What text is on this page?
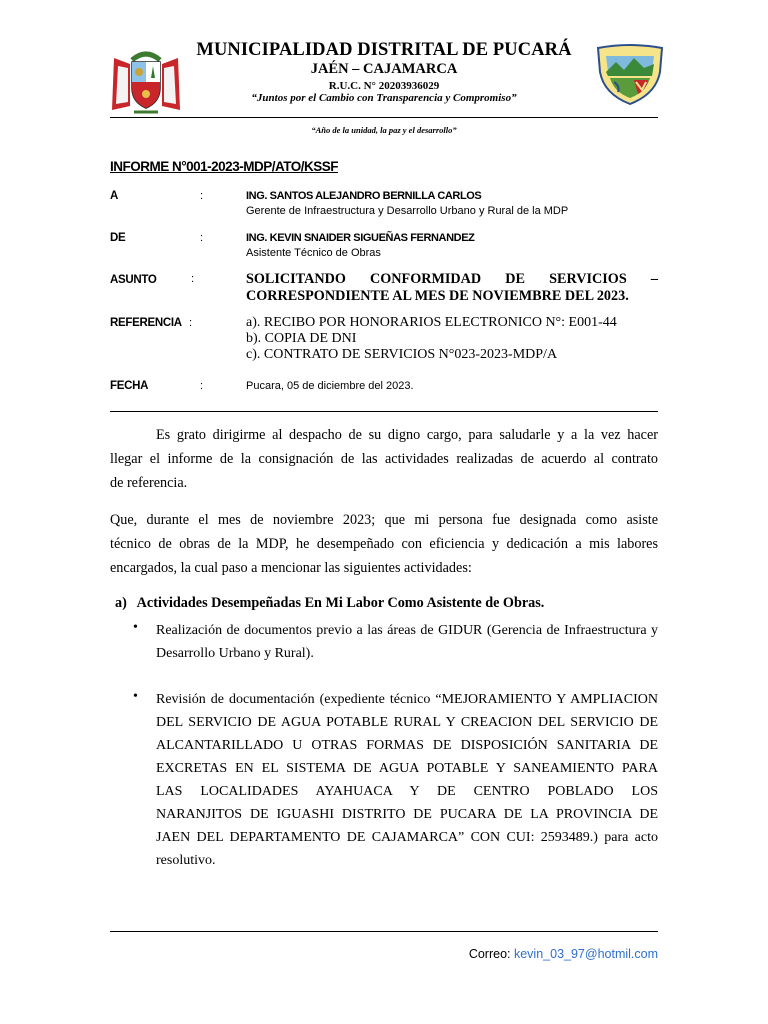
MUNICIPALIDAD DISTRITAL DE PUCARÁ
JAÉN – CAJAMARCA
R.U.C. N° 20203936029
“Juntos por el Cambio con Transparencia y Compromiso”
“Año de la unidad, la paz y el desarrollo”
INFORME N°001-2023-MDP/ATO/KSSF
A	:	ING. SANTOS ALEJANDRO BERNILLA CARLOS
Gerente de Infraestructura y Desarrollo Urbano y Rural de la MDP
DE	:	ING. KEVIN SNAIDER SIGUEÑAS FERNANDEZ
Asistente Técnico de Obras
ASUNTO	:	SOLICITANDO CONFORMIDAD DE SERVICIOS –
CORRESPONDIENTE AL MES DE NOVIEMBRE DEL 2023.
REFERENCIA :	a). RECIBO POR HONORARIOS ELECTRONICO N°: E001-44
b). COPIA DE DNI
c). CONTRATO DE SERVICIOS N°023-2023-MDP/A
FECHA	:	Pucara, 05 de diciembre del 2023.
Es grato dirigirme al despacho de su digno cargo, para saludarle y a la vez hacer
llegar el informe de la consignación de las actividades realizadas de acuerdo al contrato
de referencia.
Que, durante el mes de noviembre 2023; que mi persona fue designada como asiste
técnico de obras de la MDP, he desempeñado con eficiencia y dedicación a mis labores
encargados, la cual paso a mencionar las siguientes actividades:
a)   Actividades Desempeñadas En Mi Labor Como Asistente de Obras.
• Realización de documentos previo a las áreas de GIDUR (Gerencia de Infraestructura y
Desarrollo Urbano y Rural).
• Revisión de documentación (expediente técnico “MEJORAMIENTO Y AMPLIACION
DEL SERVICIO DE AGUA POTABLE RURAL Y CREACION DEL SERVICIO DE
ALCANTARILLADO U OTRAS FORMAS DE DISPOSICIÓN SANITARIA DE
EXCRETAS EN EL SISTEMA DE AGUA POTABLE Y SANEAMIENTO PARA
LAS LOCALIDADES AYAHUACA Y DE CENTRO POBLADO LOS
NARANJITOS DE IGUASHI DISTRITO DE PUCARA DE LA PROVINCIA DE
JAEN DEL DEPARTAMENTO DE CAJAMARCA” CON CUI: 2593489.) para acto
resolutivo.
Correo: kevin_03_97@hotmil.com
